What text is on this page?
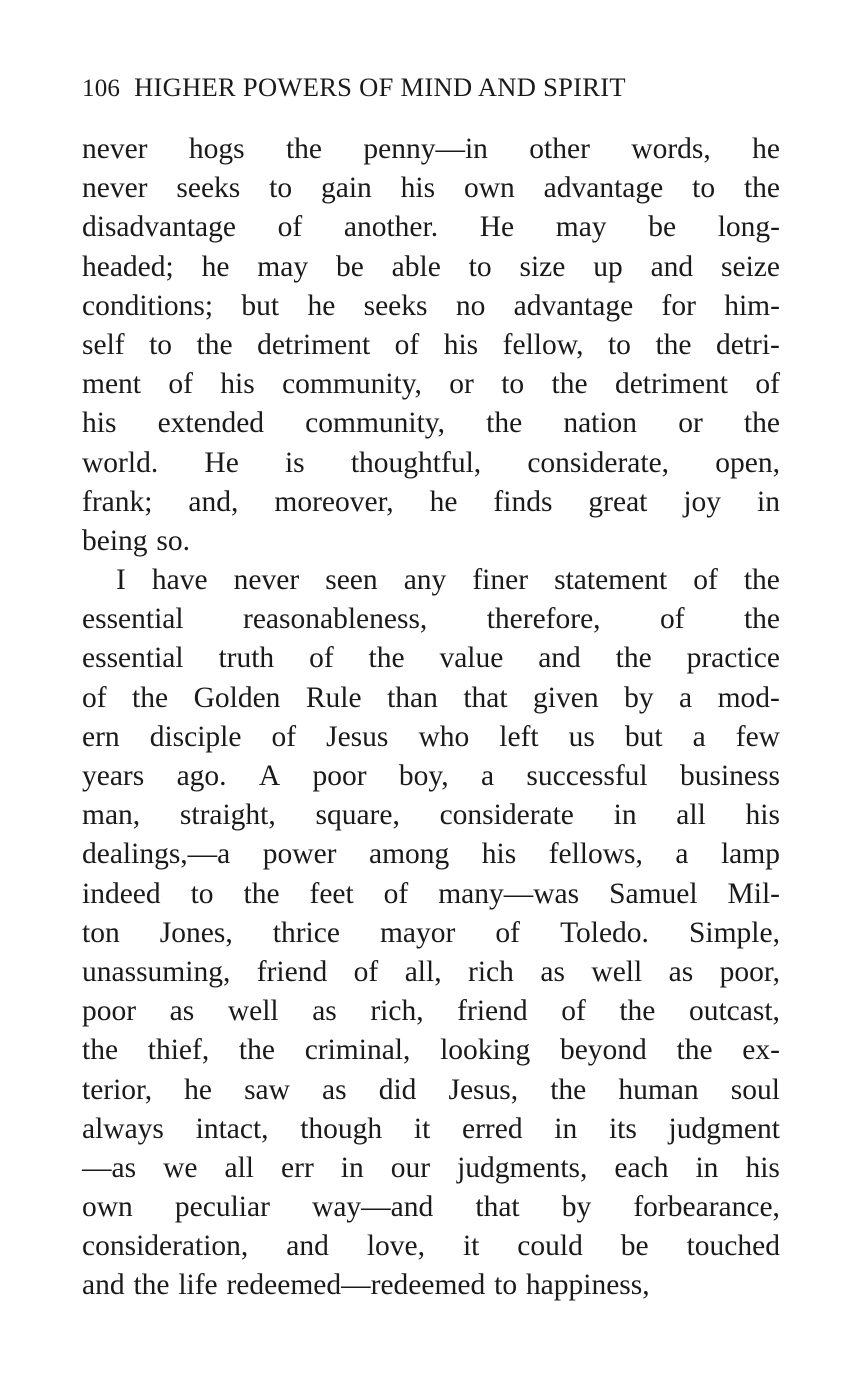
106 HIGHER POWERS OF MIND AND SPIRIT
never hogs the penny—in other words, he
never seeks to gain his own advantage to the
disadvantage of another. He may be long-
headed; he may be able to size up and seize
conditions; but he seeks no advantage for him-
self to the detriment of his fellow, to the detri-
ment of his community, or to the detriment of
his extended community, the nation or the
world. He is thoughtful, considerate, open,
frank; and, moreover, he finds great joy in
being so.
I have never seen any finer statement of the
essential reasonableness, therefore, of the
essential truth of the value and the practice
of the Golden Rule than that given by a mod-
ern disciple of Jesus who left us but a few
years ago. A poor boy, a successful business
man, straight, square, considerate in all his
dealings,—a power among his fellows, a lamp
indeed to the feet of many—was Samuel Mil-
ton Jones, thrice mayor of Toledo. Simple,
unassuming, friend of all, rich as well as poor,
poor as well as rich, friend of the outcast,
the thief, the criminal, looking beyond the ex-
terior, he saw as did Jesus, the human soul
always intact, though it erred in its judgment
—as we all err in our judgments, each in his
own peculiar way—and that by forbearance,
consideration, and love, it could be touched
and the life redeemed—redeemed to happiness,
